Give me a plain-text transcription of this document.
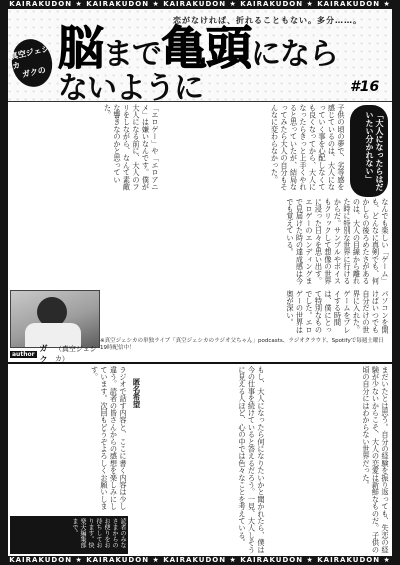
KAIRAKUDON ★ KAIRAKUDON ★ KAIRAKUDON ★ KAIRAKUDON ★ KAIRAKUDON ★
恋がなければ、折れることもない。多分……。
真空ジェシカ ガクの 脳まで亀頭にならないように	#16
「大人になったらはだいたい分かれない」
子供の頃の夢で、劣等感を感じているのは、大人になっていく事を心配しなくても良くなってから、大人になったらきっと上手くやれると思っていたが、結局なってみたら大人の自分もそんなに変わらなかった。
「エロゲー」や「エロアニメ」は嫌いなんです。僕が大人になる前に、大人のフリをしながら、なんて素敵な響きなのかと思っていた。
なんでも楽しい「ゲーム」も、どんなに真剣でも、何かしらの後ろめたさがあるのは、大人の目線から離れた時に特別な世界に行けるからだ。サンプルやボイスもクリックして想像の世界に浸った日々を思い出す。エロゲーのエンディングまで見届けた時の達成感は今でも覚えている。
パソコンを開けばいつでも自分だけの世界に入れた。ゲームをプレイする時間は、僕にとって特別なものでした。エロゲーの世界は奥が深い。
author
ガク
（真空ジェシカ）
※真空ジェシカの単独ライブ「真空ジェシカのラジオ父ちゃん」podcasts、ラジオクラウド、Spotifyで毎週土曜日19時配信中！
まだいたとは思う。自分の経験を振り返っても、失恋の経験が少ないからこそ、大人の恋愛は新鮮なものだ。子供の頃の自分にはわからない世界だった。
もし、大人になったら何になりたいかと聞かれたら、僕は今の仕事を続けていると答えるだろう。一見、大人しそうに見える人ほど、心の中では色々なことを考えている。
匿名希望
ラジオで話す内容と、ここに書く内容は少し違う。読者の皆さんからの感想を楽しみにしています。次回もどうぞよろしくお願いします。
読者のみなさまからのお便りをお待ちしております。快楽天編集部まで。
KAIRAKUDON ★ KAIRAKUDON ★ KAIRAKUDON ★ KAIRAKUDON ★ KAIRAKUDON ★
